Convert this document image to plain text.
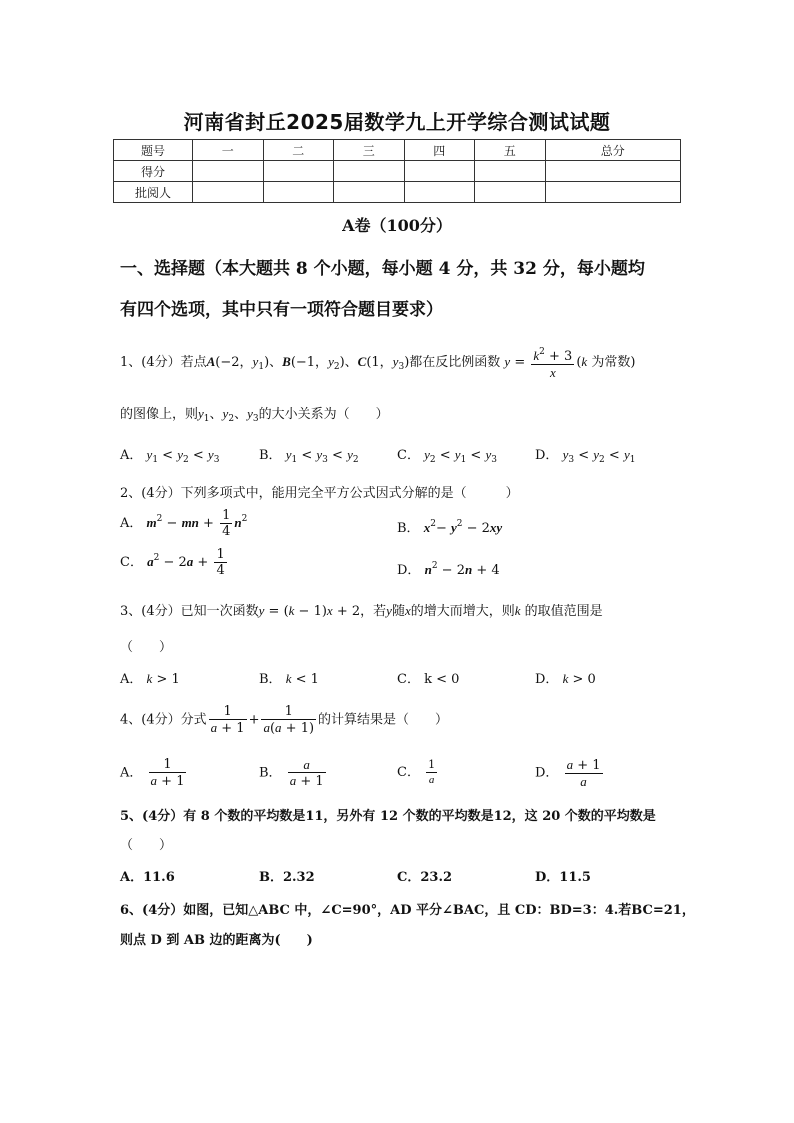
河南省封丘2025届数学九上开学综合测试试题
题号	一	二	三	四	五	总分
得分						
批阅人						
A卷（100分）
一、选择题（本大题共 8 个小题，每小题 4 分，共 32 分，每小题均
有四个选项，其中只有一项符合题目要求）
1、(4分）若点A(−2，$y_1$)、B(−1，$y_2$)、C(1，$y_3$)都在反比例函数 $y = \frac{k^2 + 3}{x} (k$ 为常数)
的图像上，则$y_1$、$y_2$、$y_3$的大小关系为（　　）
A． $y_1 < y_2 < y_3$	B． $y_1 < y_3 < y_2$	C． $y_2 < y_1 < y_3$	D． $y_3 < y_2 < y_1$
2、(4分）下列多项式中，能用完全平方公式因式分解的是（　　　）
A． $m^2$ − mn + $\frac{1}{4} n^2$
B． $x^2- y^2 - 2xy$
C． $a^2 - 2a + \frac{1}{4}$	D． $n^2 - 2n + 4$
3、(4分）已知一次函数y = (k − 1)x + 2，若y随x的增大而增大，则k 的取值范围是
（　　）
A． k > 1	B． k < 1	C． k < 0	D． k > 0
4、(4分）分式 $\frac{1}{a + 1} + \frac{1}{a(a + 1)}$ 的计算结果是（　　）
A． $\frac{1}{a + 1}$	B． $\frac{a}{a + 1}$	C． $\frac{1}{a}$	D． $\frac{a + 1}{a}$
5、(4分）有 8 个数的平均数是11，另外有 12 个数的平均数是12，这 20 个数的平均数是
（　　）
A．11.6	B．2.32	C．23.2	D．11.5
6、(4分）如图，已知△ABC 中，∠C=90°，AD 平分∠BAC，且 CD：BD=3：4.若BC=21，
则点 D 到 AB 边的距离为(　　)
